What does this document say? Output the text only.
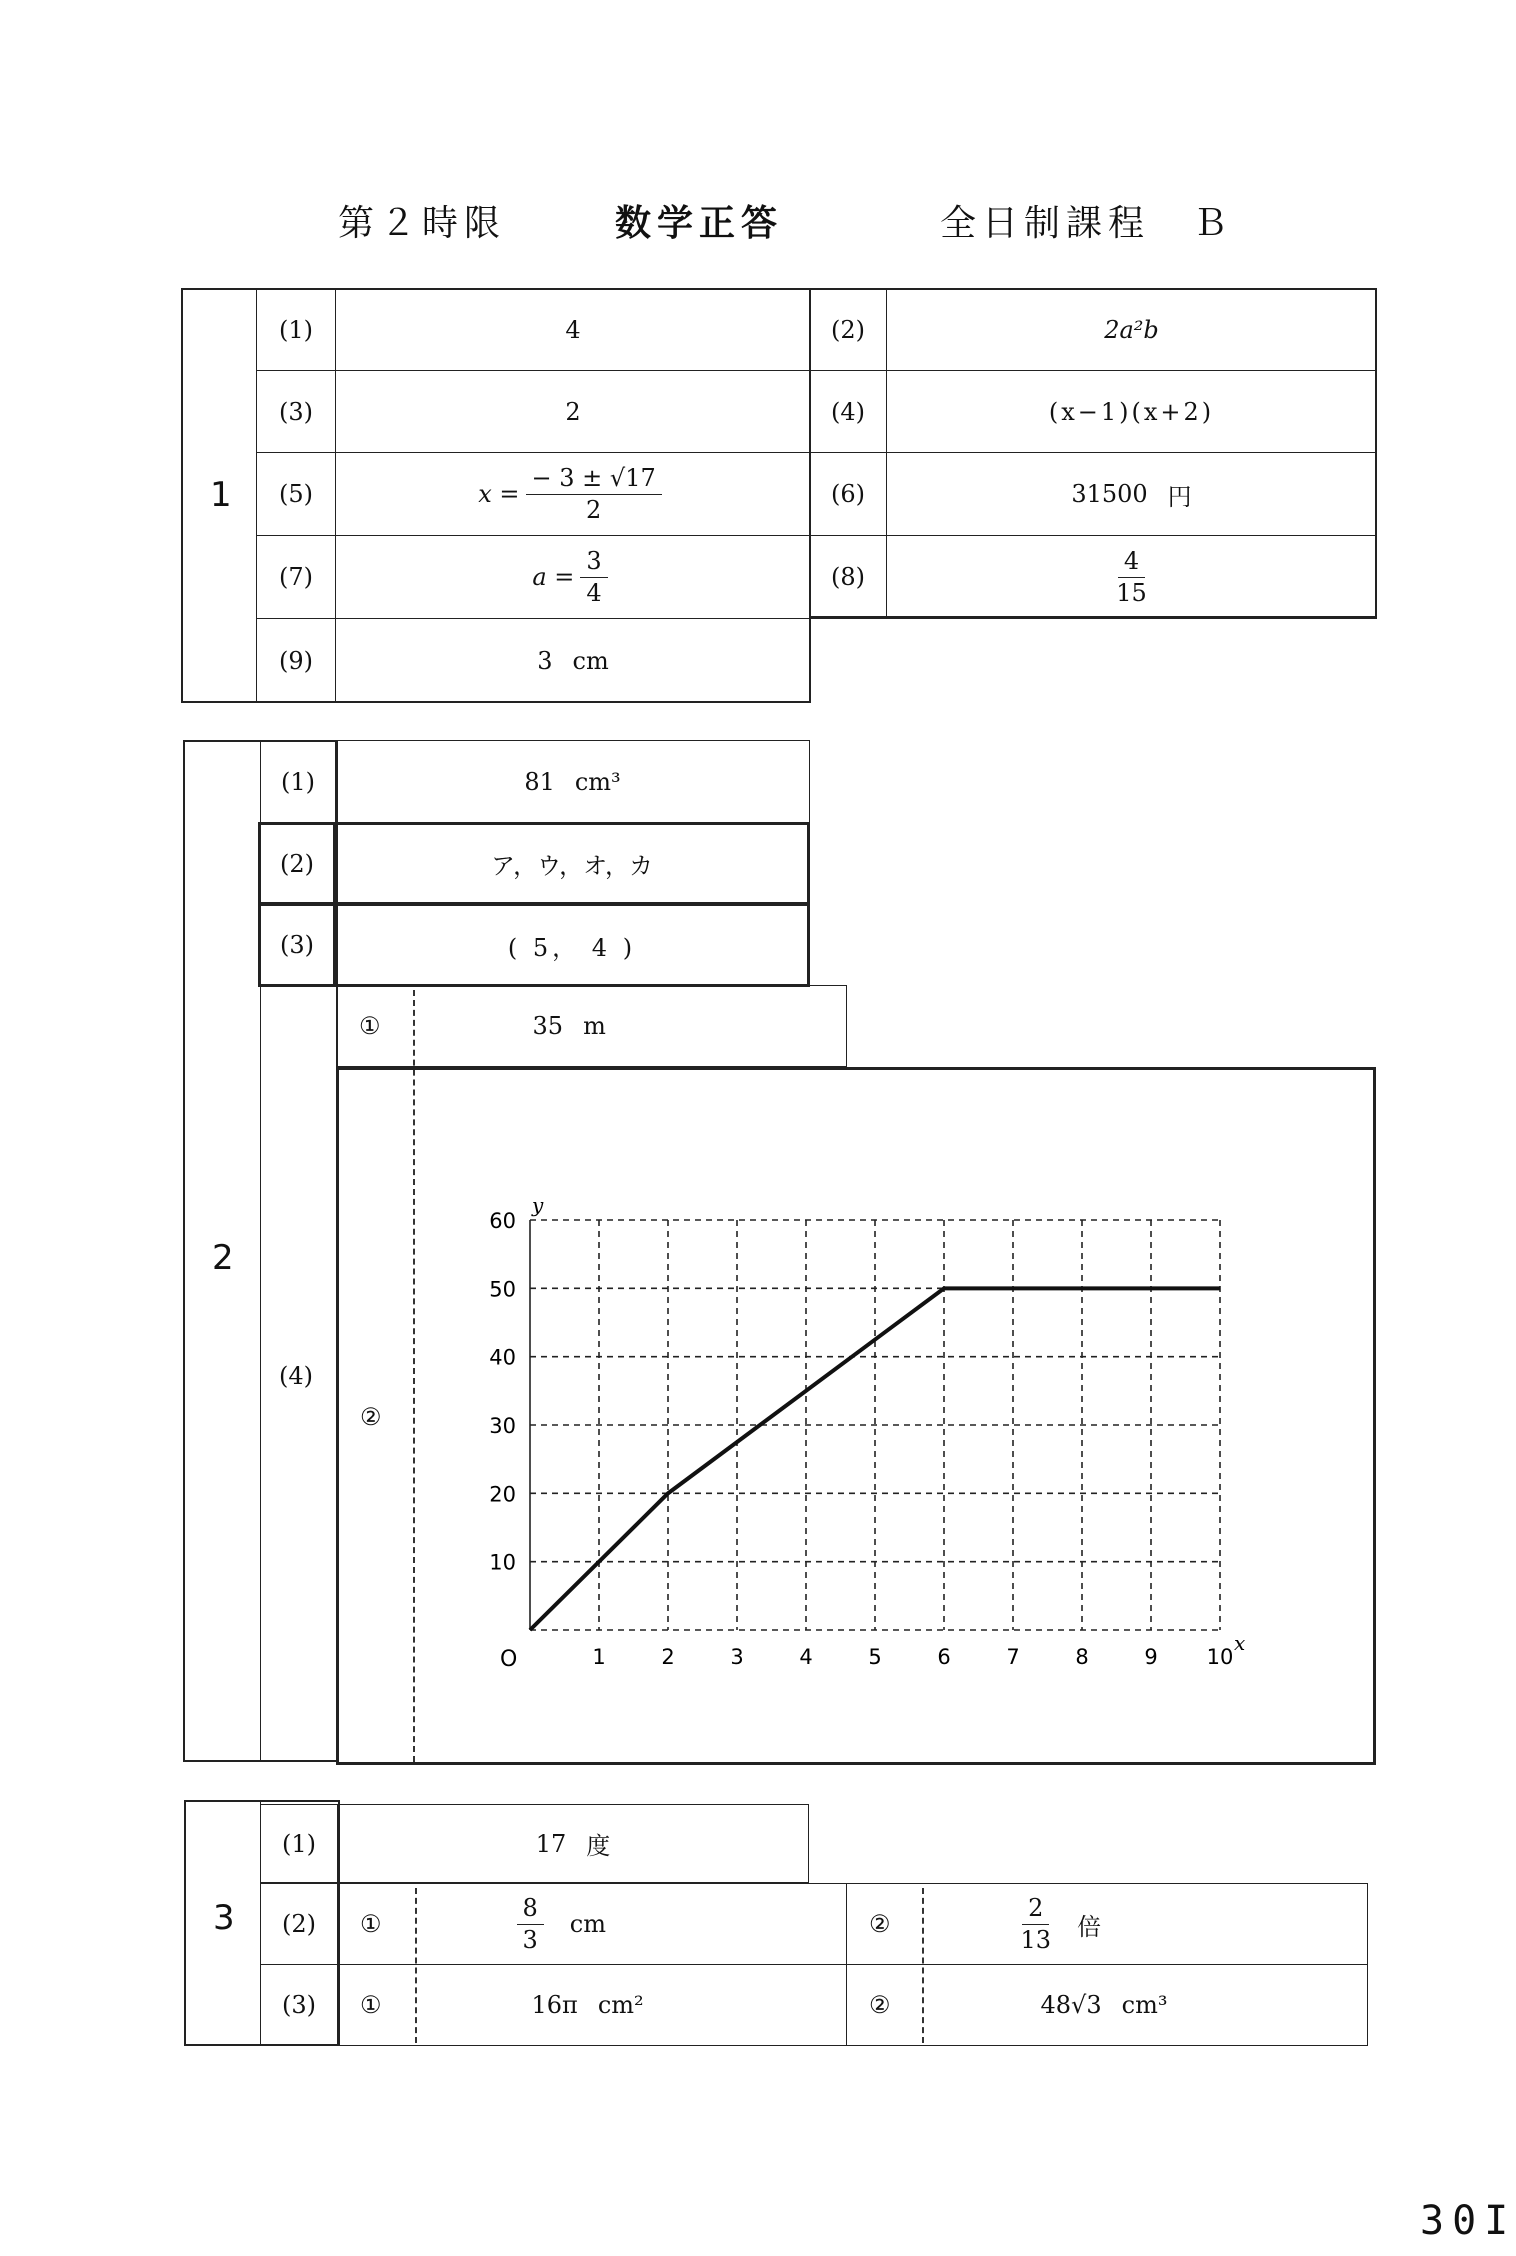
第２時限	数学正答	全日制課程　Ｂ
1
(1)	4	(2)	2a²b
(3)	2	(4)	(x−1)(x+2)
(5)	$x = \frac{- 3 \pm √17}{2}$	(6)	31500 円
(7)	$a = \frac{3}{4}$	(8)	$\frac{4}{15}$
(9)	3 cm
2
(1)	81 cm³
(2)	ア，ウ，オ，カ
(3)	( 5， 4 )
(4)
①	35 m
②
1	2	3	4	5	6	7	8	9 10
10
20
30
40
50
60
x
y
O
3
(1)	17 度
(2)	①	$\frac{8}{3}$ cm	②	$\frac{2}{13}$ 倍
(3)	①	16π cm²	②	48√3 cm³
30I
